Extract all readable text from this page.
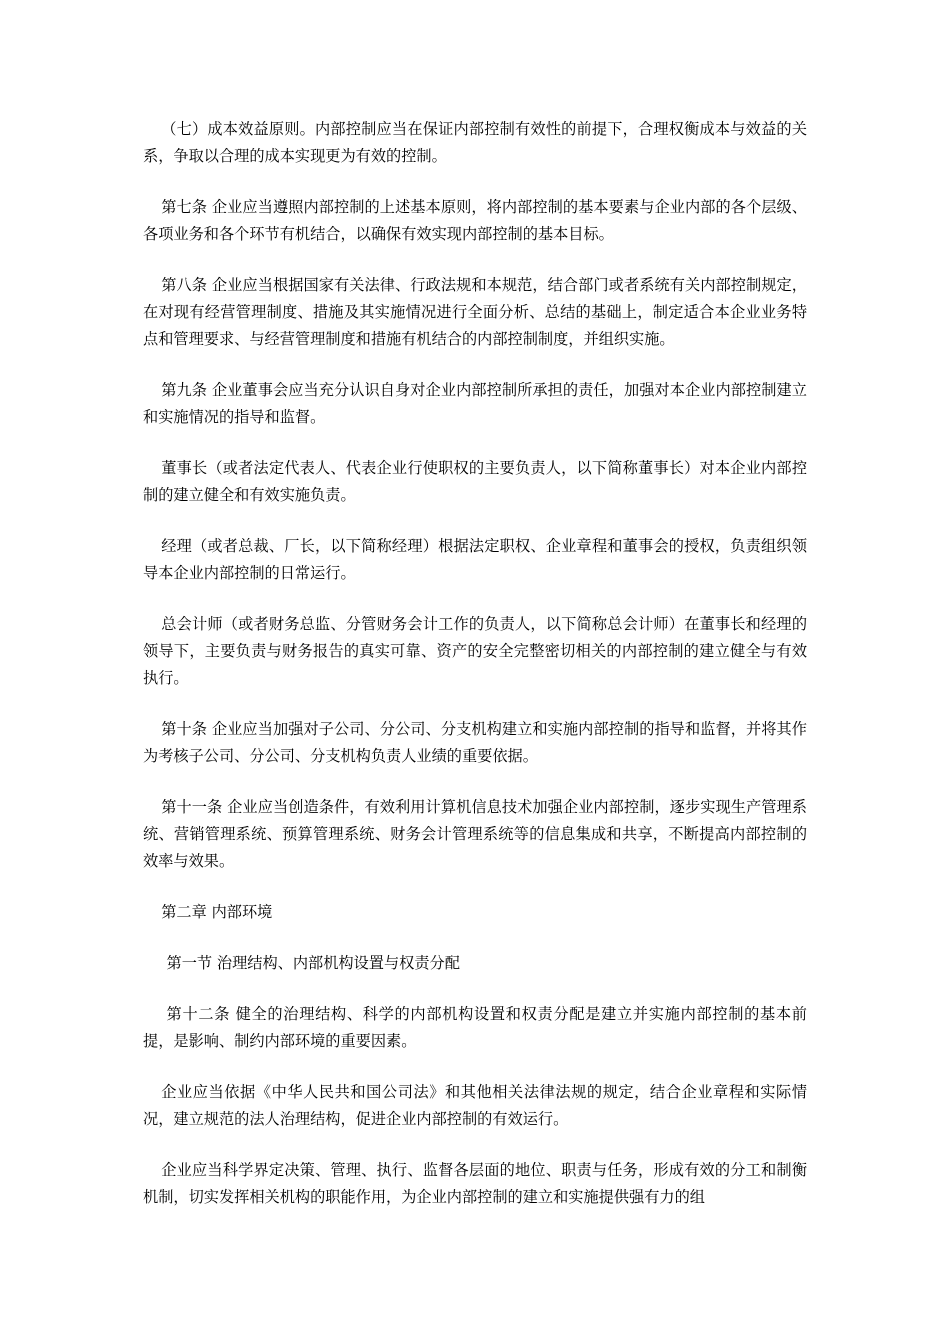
（七）成本效益原则。内部控制应当在保证内部控制有效性的前提下，合理权衡成本与效益的关系，争取以合理的成本实现更为有效的控制。

第七条 企业应当遵照内部控制的上述基本原则，将内部控制的基本要素与企业内部的各个层级、各项业务和各个环节有机结合，以确保有效实现内部控制的基本目标。

第八条 企业应当根据国家有关法律、行政法规和本规范，结合部门或者系统有关内部控制规定，在对现有经营管理制度、措施及其实施情况进行全面分析、总结的基础上，制定适合本企业业务特点和管理要求、与经营管理制度和措施有机结合的内部控制制度，并组织实施。

第九条 企业董事会应当充分认识自身对企业内部控制所承担的责任，加强对本企业内部控制建立和实施情况的指导和监督。

董事长（或者法定代表人、代表企业行使职权的主要负责人，以下简称董事长）对本企业内部控制的建立健全和有效实施负责。

经理（或者总裁、厂长，以下简称经理）根据法定职权、企业章程和董事会的授权，负责组织领导本企业内部控制的日常运行。

总会计师（或者财务总监、分管财务会计工作的负责人，以下简称总会计师）在董事长和经理的领导下，主要负责与财务报告的真实可靠、资产的安全完整密切相关的内部控制的建立健全与有效执行。

第十条 企业应当加强对子公司、分公司、分支机构建立和实施内部控制的指导和监督，并将其作为考核子公司、分公司、分支机构负责人业绩的重要依据。

第十一条 企业应当创造条件，有效利用计算机信息技术加强企业内部控制，逐步实现生产管理系统、营销管理系统、预算管理系统、财务会计管理系统等的信息集成和共享，不断提高内部控制的效率与效果。

第二章 内部环境

第一节 治理结构、内部机构设置与权责分配

第十二条 健全的治理结构、科学的内部机构设置和权责分配是建立并实施内部控制的基本前提，是影响、制约内部环境的重要因素。

企业应当依据《中华人民共和国公司法》和其他相关法律法规的规定，结合企业章程和实际情况，建立规范的法人治理结构，促进企业内部控制的有效运行。

企业应当科学界定决策、管理、执行、监督各层面的地位、职责与任务，形成有效的分工和制衡机制，切实发挥相关机构的职能作用，为企业内部控制的建立和实施提供强有力的组
